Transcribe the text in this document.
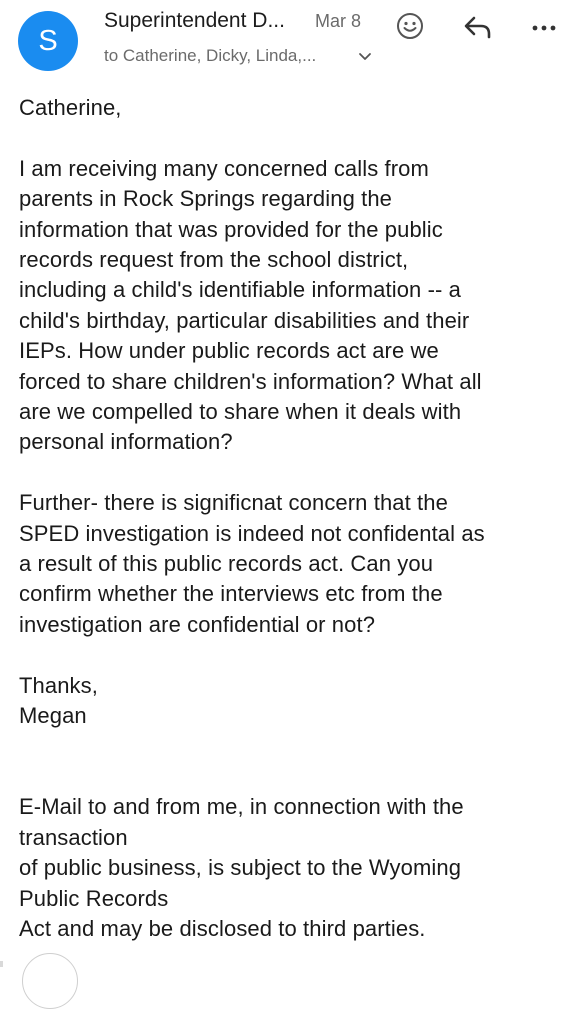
S
Superintendent D... Mar 8
to Catherine, Dicky, Linda,...

Catherine,

I am receiving many concerned calls from
parents in Rock Springs regarding the
information that was provided for the public
records request from the school district,
including a child's identifiable information -- a
child's birthday, particular disabilities and their
IEPs. How under public records act are we
forced to share children's information? What all
are we compelled to share when it deals with
personal information?

Further- there is significnat concern that the
SPED investigation is indeed not confidental as
a result of this public records act. Can you
confirm whether the interviews etc from the
investigation are confidential or not?

Thanks,

Megan

E-Mail to and from me, in connection with the
transaction
of public business, is subject to the Wyoming
Public Records
Act and may be disclosed to third parties.
